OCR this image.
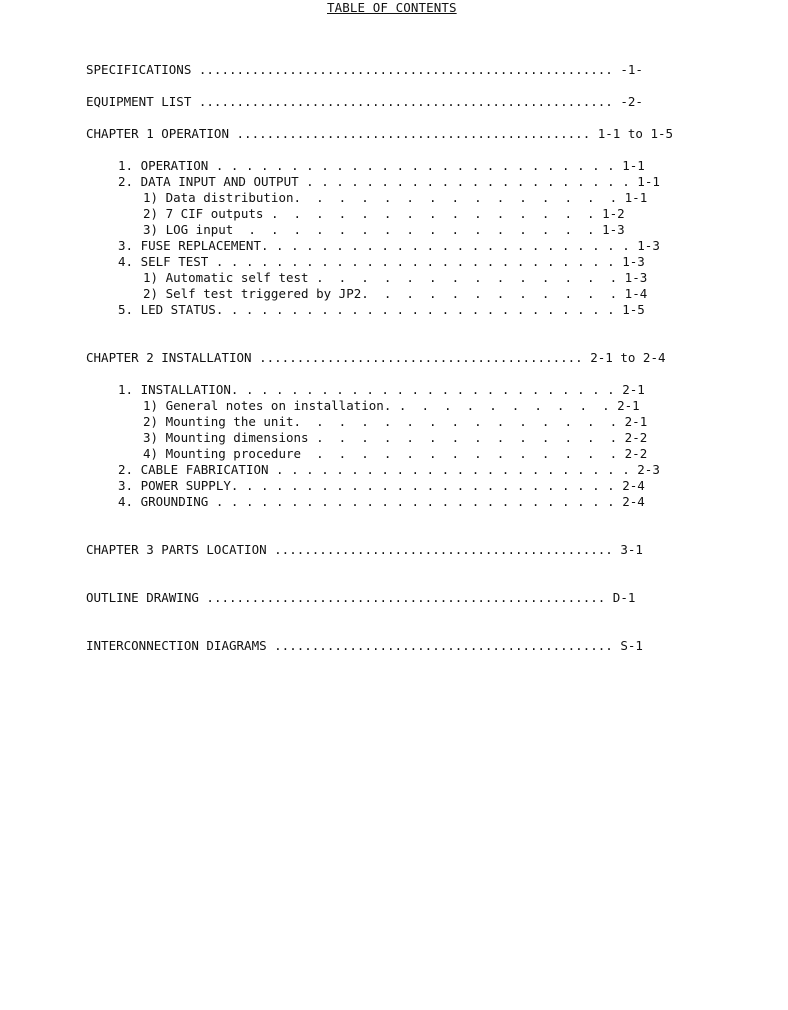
TABLE OF CONTENTS
SPECIFICATIONS ....................................................... -1-
EQUIPMENT LIST ....................................................... -2-
CHAPTER 1 OPERATION ............................................... 1-1 to 1-5
1. OPERATION . . . . . . . . . . . . . . . . . . . . . . . . . . . 1-1
2. DATA INPUT AND OUTPUT . . . . . . . . . . . . . . . . . . . . . . 1-1
1) Data distribution.  .  .  .  .  .  .  .  .  .  .  .  .  .  . 1-1
2) 7 CIF outputs .  .  .  .  .  .  .  .  .  .  .  .  .  .  . 1-2
3) LOG input  .  .  .  .  .  .  .  .  .  .  .  .  .  .  .  . 1-3
3. FUSE REPLACEMENT. . . . . . . . . . . . . . . . . . . . . . . . . 1-3
4. SELF TEST . . . . . . . . . . . . . . . . . . . . . . . . . . . 1-3
1) Automatic self test .  .  .  .  .  .  .  .  .  .  .  .  .  . 1-3
2) Self test triggered by JP2.  .  .  .  .  .  .  .  .  .  .  . 1-4
5. LED STATUS. . . . . . . . . . . . . . . . . . . . . . . . . . . 1-5
CHAPTER 2 INSTALLATION ........................................... 2-1 to 2-4
1. INSTALLATION. . . . . . . . . . . . . . . . . . . . . . . . . . 2-1
1) General notes on installation. .  .  .  .  .  .  .  .  .  . 2-1
2) Mounting the unit.  .  .  .  .  .  .  .  .  .  .  .  .  .  . 2-1
3) Mounting dimensions .  .  .  .  .  .  .  .  .  .  .  .  .  . 2-2
4) Mounting procedure  .  .  .  .  .  .  .  .  .  .  .  .  .  . 2-2
2. CABLE FABRICATION . . . . . . . . . . . . . . . . . . . . . . . . 2-3
3. POWER SUPPLY. . . . . . . . . . . . . . . . . . . . . . . . . . 2-4
4. GROUNDING . . . . . . . . . . . . . . . . . . . . . . . . . . . 2-4
CHAPTER 3 PARTS LOCATION ............................................. 3-1
OUTLINE DRAWING ..................................................... D-1
INTERCONNECTION DIAGRAMS ............................................. S-1
